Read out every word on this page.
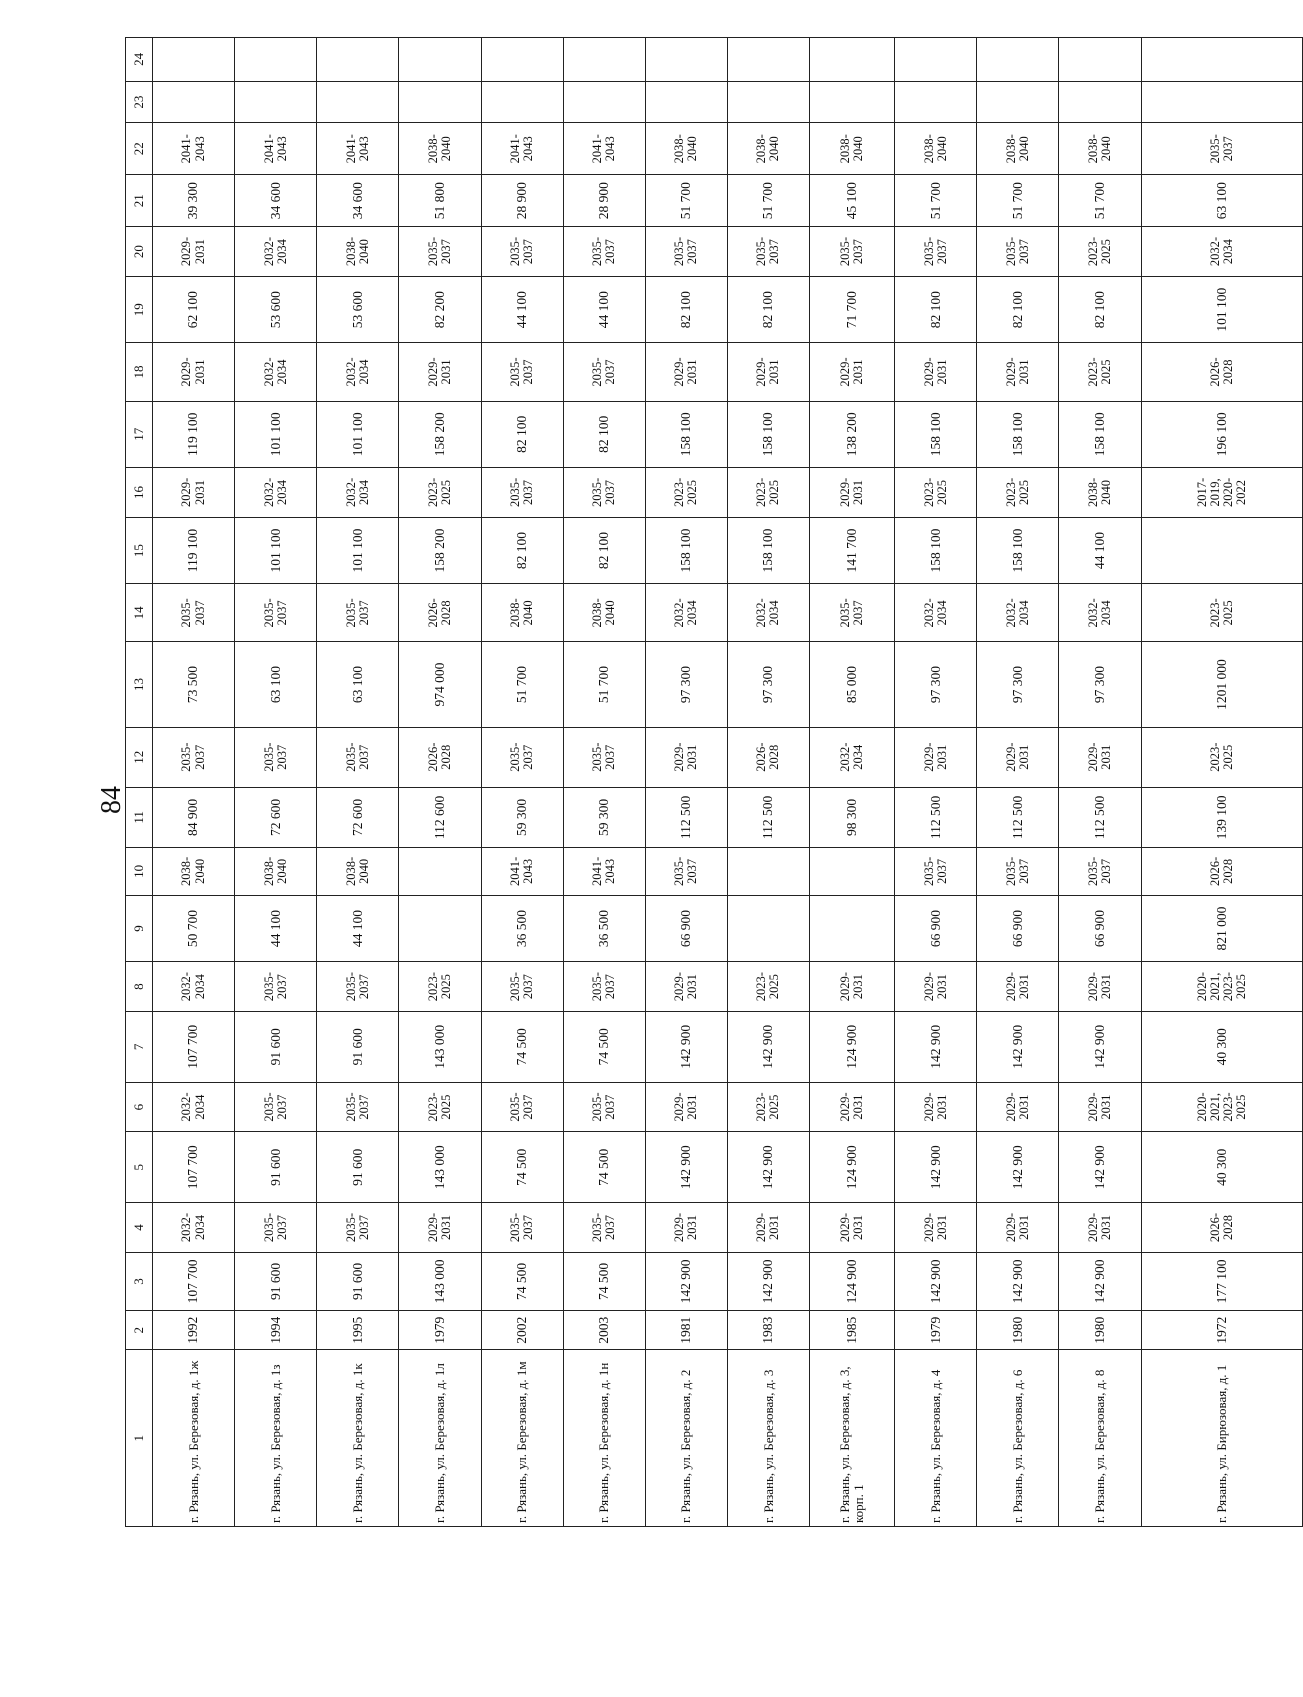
84
1	2	3	4	5	6	7	8	9	10	11	12	13	14	15	16	17	18	19	20	21	22	23	24
г. Рязань, ул. Березовая, д. 1ж	1992	107 700	2032-2034	107 700	2032-2034	107 700	2032-2034	50 700	2038-2040	84 900	2035-2037	73 500	2035-2037	119 100	2029-2031	119 100	2029-2031	62 100	2029-2031	39 300	2041-2043		
г. Рязань, ул. Березовая, д. 1з	1994	91 600	2035-2037	91 600	2035-2037	91 600	2035-2037	44 100	2038-2040	72 600	2035-2037	63 100	2035-2037	101 100	2032-2034	101 100	2032-2034	53 600	2032-2034	34 600	2041-2043		
г. Рязань, ул. Березовая, д. 1к	1995	91 600	2035-2037	91 600	2035-2037	91 600	2035-2037	44 100	2038-2040	72 600	2035-2037	63 100	2035-2037	101 100	2032-2034	101 100	2032-2034	53 600	2038-2040	34 600	2041-2043		
г. Рязань, ул. Березовая, д. 1л	1979	143 000	2029-2031	143 000	2023-2025	143 000	2023-2025			112 600	2026-2028	974 000	2026-2028	158 200	2023-2025	158 200	2029-2031	82 200	2035-2037	51 800	2038-2040		
г. Рязань, ул. Березовая, д. 1м	2002	74 500	2035-2037	74 500	2035-2037	74 500	2035-2037	36 500	2041-2043	59 300	2035-2037	51 700	2038-2040	82 100	2035-2037	82 100	2035-2037	44 100	2035-2037	28 900	2041-2043		
г. Рязань, ул. Березовая, д. 1н	2003	74 500	2035-2037	74 500	2035-2037	74 500	2035-2037	36 500	2041-2043	59 300	2035-2037	51 700	2038-2040	82 100	2035-2037	82 100	2035-2037	44 100	2035-2037	28 900	2041-2043		
г. Рязань, ул. Березовая, д. 2	1981	142 900	2029-2031	142 900	2029-2031	142 900	2029-2031	66 900	2035-2037	112 500	2029-2031	97 300	2032-2034	158 100	2023-2025	158 100	2029-2031	82 100	2035-2037	51 700	2038-2040		
г. Рязань, ул. Березовая, д. 3	1983	142 900	2029-2031	142 900	2023-2025	142 900	2023-2025			112 500	2026-2028	97 300	2032-2034	158 100	2023-2025	158 100	2029-2031	82 100	2035-2037	51 700	2038-2040		
г. Рязань, ул. Березовая, д. 3, корп. 1	1985	124 900	2029-2031	124 900	2029-2031	124 900	2029-2031			98 300	2032-2034	85 000	2035-2037	141 700	2029-2031	138 200	2029-2031	71 700	2035-2037	45 100	2038-2040		
г. Рязань, ул. Березовая, д. 4	1979	142 900	2029-2031	142 900	2029-2031	142 900	2029-2031	66 900	2035-2037	112 500	2029-2031	97 300	2032-2034	158 100	2023-2025	158 100	2029-2031	82 100	2035-2037	51 700	2038-2040		
г. Рязань, ул. Березовая, д. 6	1980	142 900	2029-2031	142 900	2029-2031	142 900	2029-2031	66 900	2035-2037	112 500	2029-2031	97 300	2032-2034	158 100	2023-2025	158 100	2029-2031	82 100	2035-2037	51 700	2038-2040		
г. Рязань, ул. Березовая, д. 8	1980	142 900	2029-2031	142 900	2029-2031	142 900	2029-2031	66 900	2035-2037	112 500	2029-2031	97 300	2032-2034	44 100	2038-2040	158 100	2023-2025	82 100	2023-2025	51 700	2038-2040		
г. Рязань, ул. Бирюзовая, д. 1	1972	177 100	2026-2028	40 300	2020-2021, 2023-2025	40 300	2020-2021, 2023-2025	821 000	2026-2028	139 100	2023-2025	1201 000	2023-2025		2017-2019, 2020-2022	196 100	2026-2028	101 100	2032-2034	63 100	2035-2037		
